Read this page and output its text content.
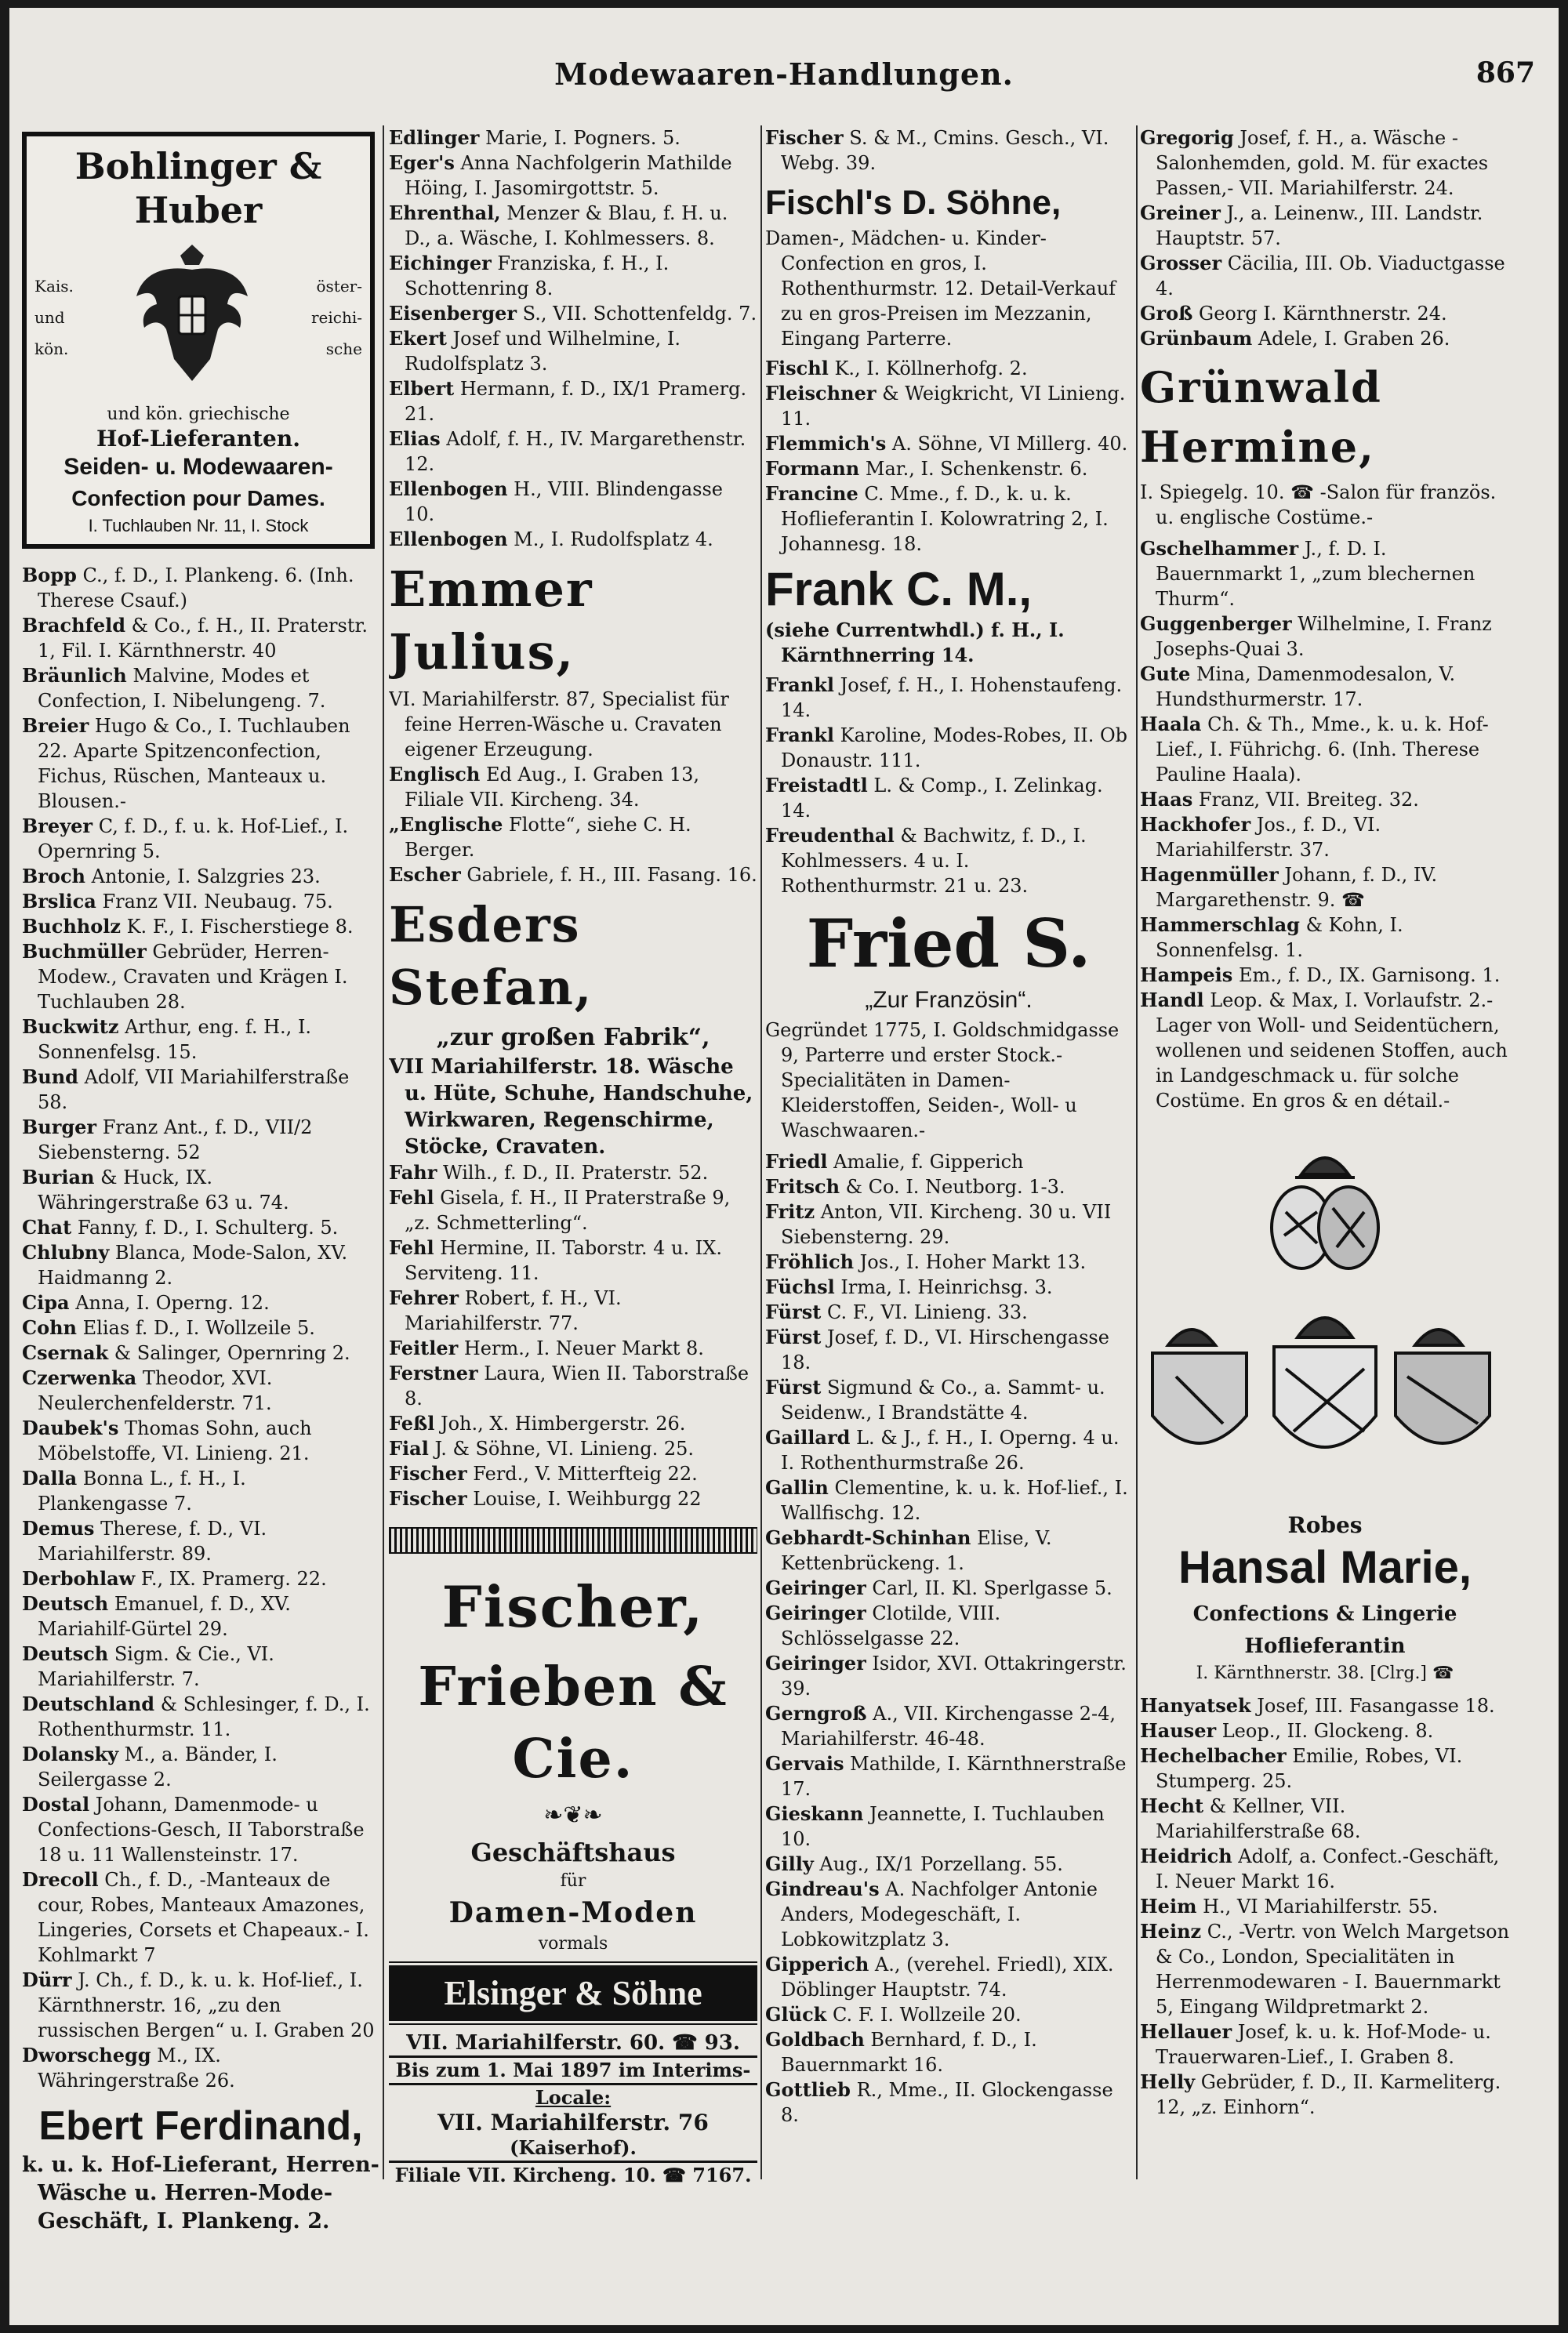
Modewaaren-Handlungen.	867
Bohlinger & Huber
Kais.
und
kön.
öster-
reichi-
sche

und kön. griechische

Hof-Lieferanten.

Seiden- u. Modewaaren-

Confection pour Dames.

I. Tuchlauben Nr. 11, I. Stock

Bopp C., f. D., I. Plankeng. 6. (Inh. Therese Csauf.)

Brachfeld & Co., f. H., II. Praterstr. 1, Fil. I. Kärnthnerstr. 40

Bräunlich Malvine, Modes et Confection, I. Nibelungeng. 7.

Breier Hugo & Co., I. Tuchlauben 22. Aparte Spitzenconfection, Fichus, Rüschen, Manteaux u. Blousen.-

Breyer C, f. D., f. u. k. Hof-Lief., I. Opernring 5.

Broch Antonie, I. Salzgries 23.

Brslica Franz VII. Neubaug. 75.

Buchholz K. F., I. Fischerstiege 8.

Buchmüller Gebrüder, Herren-Modew., Cravaten und Krägen I. Tuchlauben 28.

Buckwitz Arthur, eng. f. H., I. Sonnenfelsg. 15.

Bund Adolf, VII Mariahilferstraße 58.

Burger Franz Ant., f. D., VII/2 Siebensterng. 52

Burian & Huck, IX. Währingerstraße 63 u. 74.

Chat Fanny, f. D., I. Schulterg. 5.

Chlubny Blanca, Mode-Salon, XV. Haidmanng 2.

Cipa Anna, I. Operng. 12.

Cohn Elias f. D., I. Wollzeile 5.

Csernak & Salinger, Opernring 2.

Czerwenka Theodor, XVI. Neulerchenfelderstr. 71.

Daubek's Thomas Sohn, auch Möbelstoffe, VI. Linieng. 21.

Dalla Bonna L., f. H., I. Plankengasse 7.

Demus Therese, f. D., VI. Mariahilferstr. 89.

Derbohlaw F., IX. Pramerg. 22.

Deutsch Emanuel, f. D., XV. Mariahilf-Gürtel 29.

Deutsch Sigm. & Cie., VI. Mariahilferstr. 7.

Deutschland & Schlesinger, f. D., I. Rothenthurmstr. 11.

Dolansky M., a. Bänder, I. Seilergasse 2.

Dostal Johann, Damenmode- u Confections-Gesch, II Taborstraße 18 u. 11 Wallensteinstr. 17.

Drecoll Ch., f. D., -Manteaux de cour, Robes, Manteaux Amazones, Lingeries, Corsets et Chapeaux.- I. Kohlmarkt 7

Dürr J. Ch., f. D., k. u. k. Hof-lief., I. Kärnthnerstr. 16, „zu den russischen Bergen“ u. I. Graben 20

Dworschegg M., IX. Währingerstraße 26.

Ebert Ferdinand,

k. u. k. Hof-Lieferant, Herren-Wäsche u. Herren-Mode-Geschäft, I. Plankeng. 2.

Edlinger Marie, I. Pogners. 5.

Eger's Anna Nachfolgerin Mathilde Höing, I. Jasomirgottstr. 5.

Ehrenthal, Menzer & Blau, f. H. u. D., a. Wäsche, I. Kohlmessers. 8.

Eichinger Franziska, f. H., I. Schottenring 8.

Eisenberger S., VII. Schottenfeldg. 7.

Ekert Josef und Wilhelmine, I. Rudolfsplatz 3.

Elbert Hermann, f. D., IX/1 Pramerg. 21.

Elias Adolf, f. H., IV. Margarethenstr. 12.

Ellenbogen H., VIII. Blindengasse 10.

Ellenbogen M., I. Rudolfsplatz 4.

Emmer Julius,

VI. Mariahilferstr. 87, Specialist für feine Herren-Wäsche u. Cravaten eigener Erzeugung.

Englisch Ed Aug., I. Graben 13, Filiale VII. Kircheng. 34.

„Englische Flotte“, siehe C. H. Berger.

Escher Gabriele, f. H., III. Fasang. 16.

Esders Stefan,

„zur großen Fabrik“,

VII Mariahilferstr. 18. Wäsche u. Hüte, Schuhe, Handschuhe, Wirkwaren, Regenschirme, Stöcke, Cravaten.

Fahr Wilh., f. D., II. Praterstr. 52.

Fehl Gisela, f. H., II Praterstraße 9, „z. Schmetterling“.

Fehl Hermine, II. Taborstr. 4 u. IX. Serviteng. 11.

Fehrer Robert, f. H., VI. Mariahilferstr. 77.

Feitler Herm., I. Neuer Markt 8.

Ferstner Laura, Wien II. Taborstraße 8.

Feßl Joh., X. Himbergerstr. 26.

Fial J. & Söhne, VI. Linieng. 25.

Fischer Ferd., V. Mitterfteig 22.

Fischer Louise, I. Weihburgg 22

Fischer,
Frieben & Cie.
❧❦❧

Geschäftshaus

für

Damen-Moden

vormals

Elsinger & Söhne

VII. Mariahilferstr. 60. ☎ 93.

Bis zum 1. Mai 1897 im Interims-

Locale:

VII. Mariahilferstr. 76

(Kaiserhof).

Filiale VII. Kircheng. 10. ☎ 7167.

Fischer S. & M., Cmins. Gesch., VI. Webg. 39.

Fischl's D. Söhne,

Damen-, Mädchen- u. Kinder-Confection en gros, I. Rothenthurmstr. 12. Detail-Verkauf zu en gros-Preisen im Mezzanin, Eingang Parterre.

Fischl K., I. Köllnerhofg. 2.

Fleischner & Weigkricht, VI Linieng. 11.

Flemmich's A. Söhne, VI Millerg. 40.

Formann Mar., I. Schenkenstr. 6.

Francine C. Mme., f. D., k. u. k. Hoflieferantin I. Kolowratring 2, I. Johannesg. 18.

Frank C. M.,

(siehe Currentwhdl.) f. H., I. Kärnthnerring 14.

Frankl Josef, f. H., I. Hohenstaufeng. 14.

Frankl Karoline, Modes-Robes, II. Ob Donaustr. 111.

Freistadtl L. & Comp., I. Zelinkag. 14.

Freudenthal & Bachwitz, f. D., I. Kohlmessers. 4 u. I. Rothenthurmstr. 21 u. 23.

Fried S.

„Zur Französin“.

Gegründet 1775, I. Goldschmidgasse 9, Parterre und erster Stock.-Specialitäten in Damen-Kleiderstoffen, Seiden-, Woll- u Waschwaaren.-

Friedl Amalie, f. Gipperich

Fritsch & Co. I. Neutborg. 1-3.

Fritz Anton, VII. Kircheng. 30 u. VII Siebensterng. 29.

Fröhlich Jos., I. Hoher Markt 13.

Füchsl Irma, I. Heinrichsg. 3.

Fürst C. F., VI. Linieng. 33.

Fürst Josef, f. D., VI. Hirschengasse 18.

Fürst Sigmund & Co., a. Sammt- u. Seidenw., I Brandstätte 4.

Gaillard L. & J., f. H., I. Operng. 4 u. I. Rothenthurmstraße 26.

Gallin Clementine, k. u. k. Hof-lief., I. Wallfischg. 12.

Gebhardt-Schinhan Elise, V. Kettenbrückeng. 1.

Geiringer Carl, II. Kl. Sperlgasse 5.

Geiringer Clotilde, VIII. Schlösselgasse 22.

Geiringer Isidor, XVI. Ottakringerstr. 39.

Gerngroß A., VII. Kirchengasse 2-4, Mariahilferstr. 46-48.

Gervais Mathilde, I. Kärnthnerstraße 17.

Gieskann Jeannette, I. Tuchlauben 10.

Gilly Aug., IX/1 Porzellang. 55.

Gindreau's A. Nachfolger Antonie Anders, Modegeschäft, I. Lobkowitzplatz 3.

Gipperich A., (verehel. Friedl), XIX. Döblinger Hauptstr. 74.

Glück C. F. I. Wollzeile 20.

Goldbach Bernhard, f. D., I. Bauernmarkt 16.

Gottlieb R., Mme., II. Glockengasse 8.

Gregorig Josef, f. H., a. Wäsche -Salonhemden, gold. M. für exactes Passen,- VII. Mariahilferstr. 24.

Greiner J., a. Leinenw., III. Landstr. Hauptstr. 57.

Grosser Cäcilia, III. Ob. Viaductgasse 4.

Groß Georg I. Kärnthnerstr. 24.

Grünbaum Adele, I. Graben 26.

Grünwald Hermine,

I. Spiegelg. 10. ☎ -Salon für französ. u. englische Costüme.-

Gschelhammer J., f. D. I. Bauernmarkt 1, „zum blechernen Thurm“.

Guggenberger Wilhelmine, I. Franz Josephs-Quai 3.

Gute Mina, Damenmodesalon, V. Hundsthurmerstr. 17.

Haala Ch. & Th., Mme., k. u. k. Hof-Lief., I. Führichg. 6. (Inh. Therese Pauline Haala).

Haas Franz, VII. Breiteg. 32.

Hackhofer Jos., f. D., VI. Mariahilferstr. 37.

Hagenmüller Johann, f. D., IV. Margarethenstr. 9. ☎

Hammerschlag & Kohn, I. Sonnenfelsg. 1.

Hampeis Em., f. D., IX. Garnisong. 1.

Handl Leop. & Max, I. Vorlaufstr. 2.-Lager von Woll- und Seidentüchern, wollenen und seidenen Stoffen, auch in Landgeschmack u. für solche Costüme. En gros & en détail.-

Robes

Hansal Marie,

Confections & Lingerie

Hoflieferantin

I. Kärnthnerstr. 38. [Clrg.] ☎

Hanyatsek Josef, III. Fasangasse 18.

Hauser Leop., II. Glockeng. 8.

Hechelbacher Emilie, Robes, VI. Stumperg. 25.

Hecht & Kellner, VII. Mariahilferstraße 68.

Heidrich Adolf, a. Confect.-Geschäft, I. Neuer Markt 16.

Heim H., VI Mariahilferstr. 55.

Heinz C., -Vertr. von Welch Margetson & Co., London, Specialitäten in Herrenmodewaren - I. Bauernmarkt 5, Eingang Wildpretmarkt 2.

Hellauer Josef, k. u. k. Hof-Mode- u. Trauerwaren-Lief., I. Graben 8.

Helly Gebrüder, f. D., II. Karmeliterg. 12, „z. Einhorn“.
